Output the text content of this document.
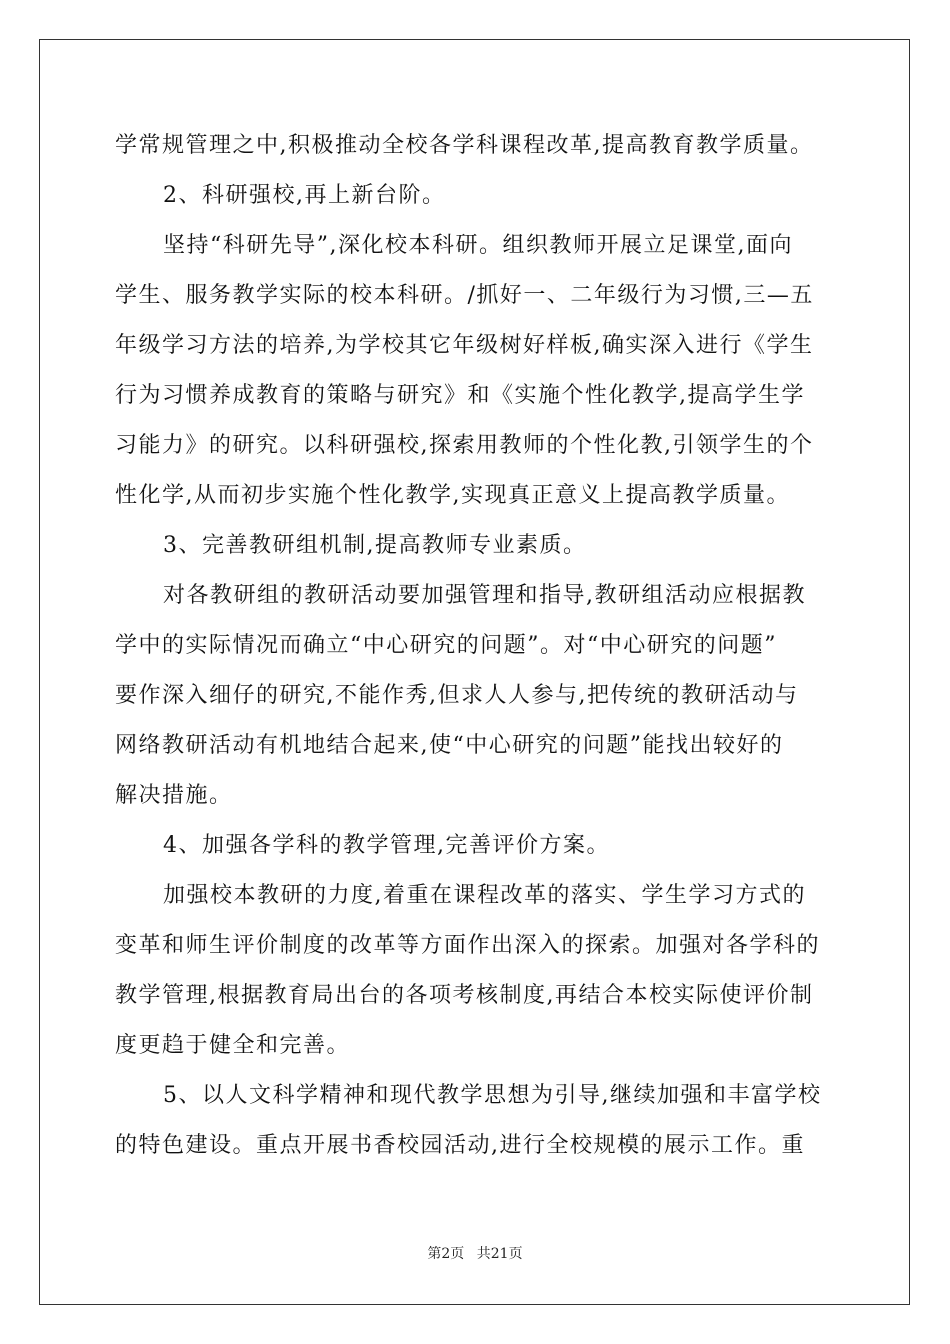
学常规管理之中,积极推动全校各学科课程改革,提高教育教学质量。
2、科研强校,再上新台阶。
坚持“科研先导”,深化校本科研。组织教师开展立足课堂,面向
学生、服务教学实际的校本科研。/抓好一、二年级行为习惯,三—五
年级学习方法的培养,为学校其它年级树好样板,确实深入进行《学生
行为习惯养成教育的策略与研究》和《实施个性化教学,提高学生学
习能力》的研究。以科研强校,探索用教师的个性化教,引领学生的个
性化学,从而初步实施个性化教学,实现真正意义上提高教学质量。
3、完善教研组机制,提高教师专业素质。
对各教研组的教研活动要加强管理和指导,教研组活动应根据教
学中的实际情况而确立“中心研究的问题”。对“中心研究的问题”
要作深入细仔的研究,不能作秀,但求人人参与,把传统的教研活动与
网络教研活动有机地结合起来,使“中心研究的问题”能找出较好的
解决措施。
4、加强各学科的教学管理,完善评价方案。
加强校本教研的力度,着重在课程改革的落实、学生学习方式的
变革和师生评价制度的改革等方面作出深入的探索。加强对各学科的
教学管理,根据教育局出台的各项考核制度,再结合本校实际使评价制
度更趋于健全和完善。
5、以人文科学精神和现代教学思想为引导,继续加强和丰富学校
的特色建设。重点开展书香校园活动,进行全校规模的展示工作。重
第2页 共21页
